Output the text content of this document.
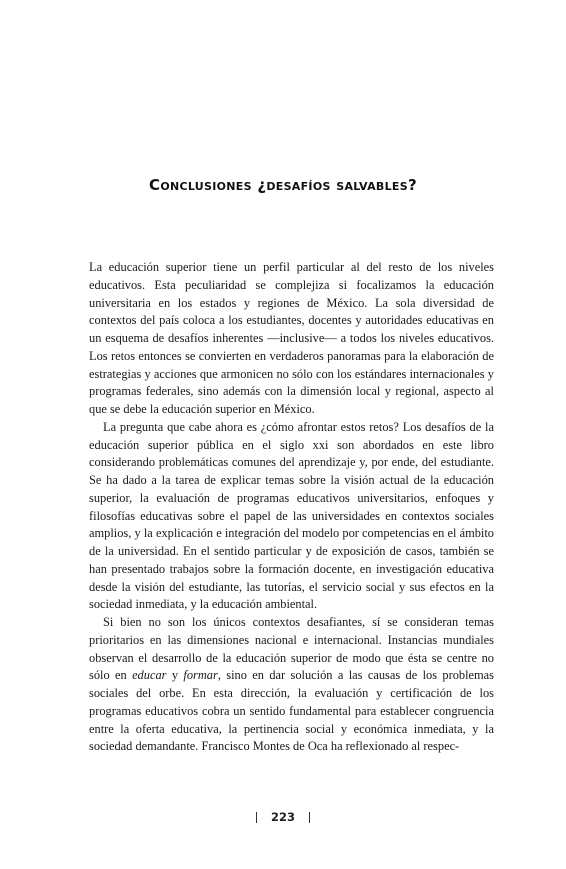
Conclusiones ¿desafíos salvables?

La educación superior tiene un perfil particular al del resto de los niveles educativos. Esta peculiaridad se complejiza si focalizamos la educación universitaria en los estados y regiones de México. La sola diversidad de contextos del país coloca a los estudiantes, docentes y autoridades educativas en un esquema de desafíos inherentes —inclusive— a todos los niveles educativos. Los retos entonces se convierten en verdaderos panoramas para la elaboración de estrategias y acciones que armonicen no sólo con los estándares internacionales y programas federales, sino además con la dimensión local y regional, aspecto al que se debe la educación superior en México.

La pregunta que cabe ahora es ¿cómo afrontar estos retos? Los desafíos de la educación superior pública en el siglo xxi son abordados en este libro considerando problemáticas comunes del aprendizaje y, por ende, del estudiante. Se ha dado a la tarea de explicar temas sobre la visión actual de la educación superior, la evaluación de programas educativos universitarios, enfoques y filosofías educativas sobre el papel de las universidades en contextos sociales amplios, y la explicación e integración del modelo por competencias en el ámbito de la universidad. En el sentido particular y de exposición de casos, también se han presentado trabajos sobre la formación docente, en investigación educativa desde la visión del estudiante, las tutorías, el servicio social y sus efectos en la sociedad inmediata, y la educación ambiental.

Si bien no son los únicos contextos desafiantes, sí se consideran temas prioritarios en las dimensiones nacional e internacional. Instancias mundiales observan el desarrollo de la educación superior de modo que ésta se centre no sólo en educar y formar, sino en dar solución a las causas de los problemas sociales del orbe. En esta dirección, la evaluación y certificación de los programas educativos cobra un sentido fundamental para establecer congruencia entre la oferta educativa, la pertinencia social y económica inmediata, y la sociedad demandante. Francisco Montes de Oca ha reflexionado al respec-

223
